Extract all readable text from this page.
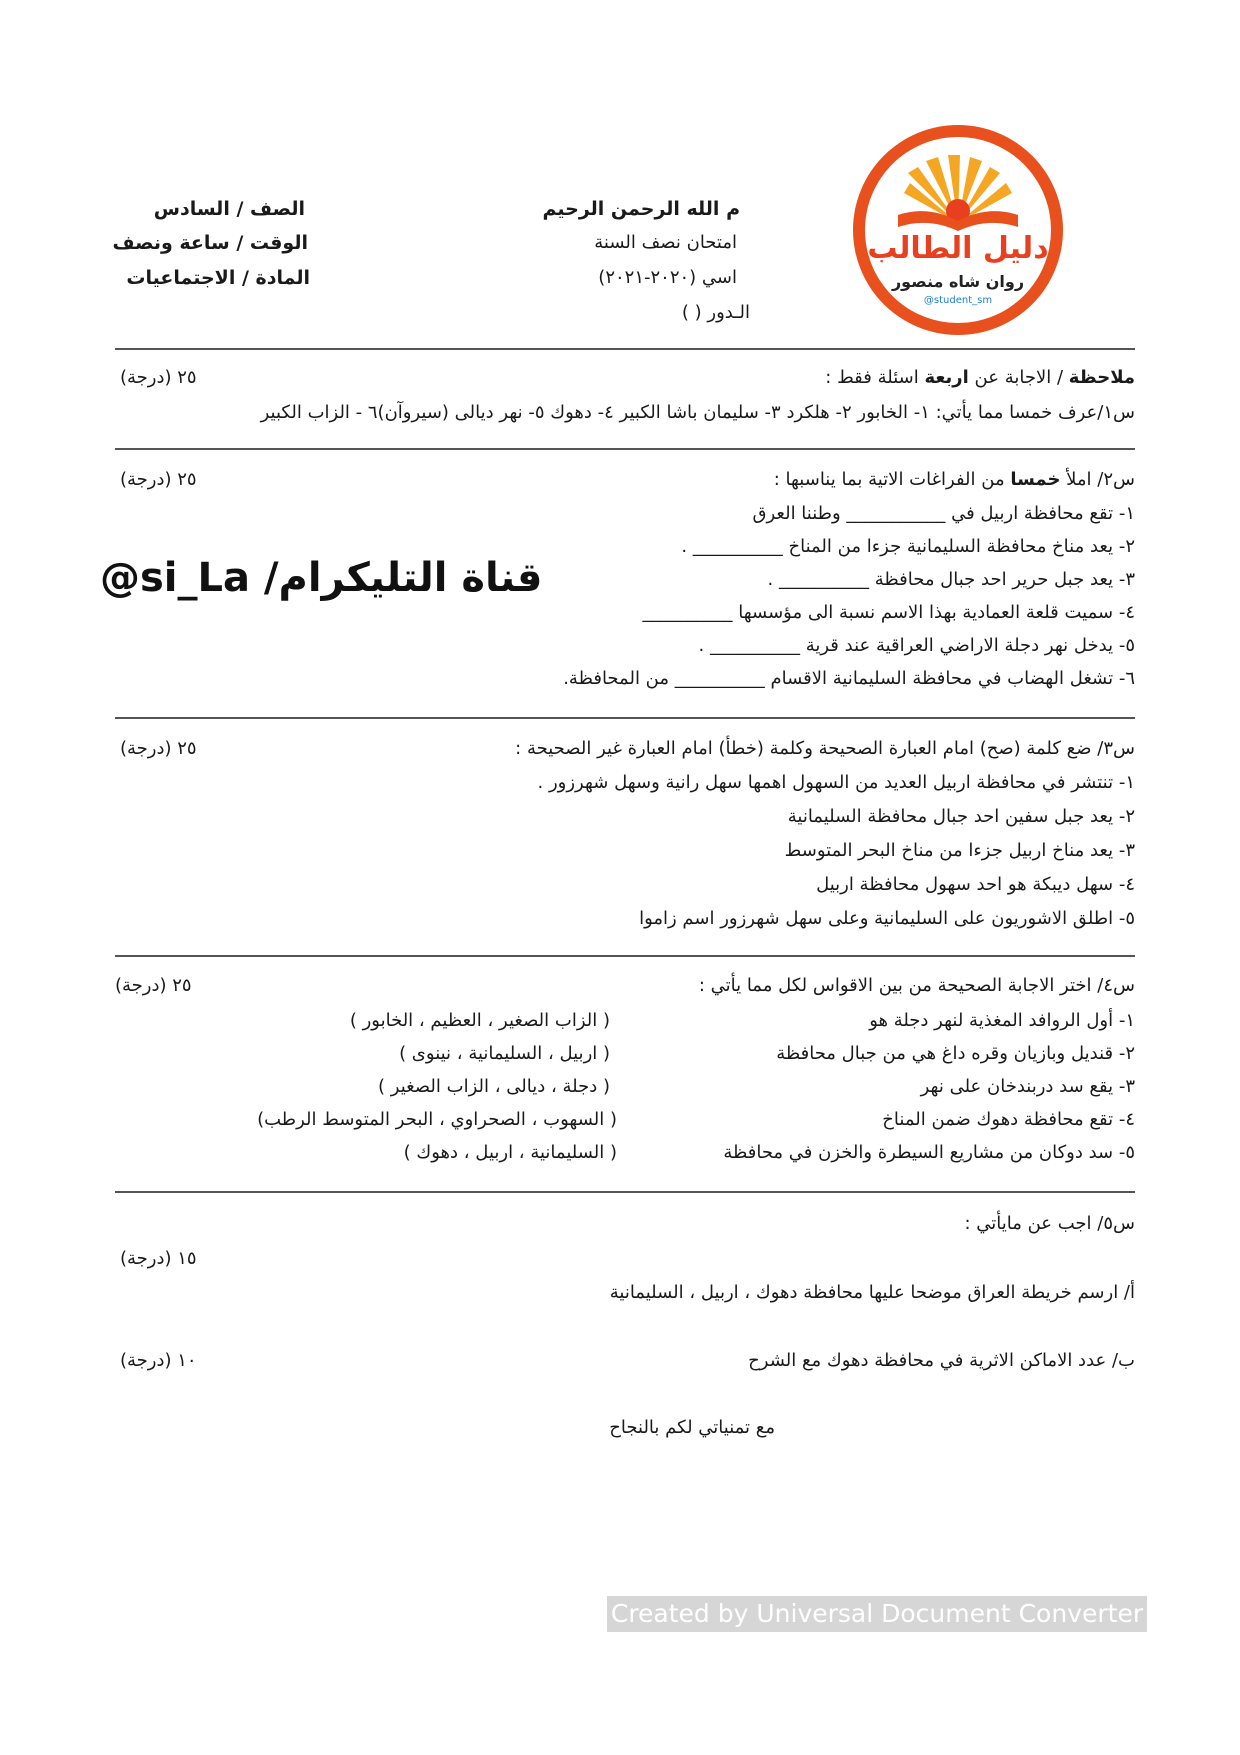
دليل الطالب
روان شاه منصور
@student_sm
م الله الرحمن الرحيم
امتحان نصف السنة
اسي (٢٠٢٠-٢٠٢١)
الـدور ( )
الصف / السادس
الوقت / ساعة ونصف
المادة / الاجتماعيات
ملاحظة / الاجابة عن اربعة اسئلة فقط :
٢٥ (درجة)
س١/عرف خمسا مما يأتي: ١- الخابور ٢- هلكرد ٣- سليمان باشا الكبير ٤- دهوك ٥- نهر ديالى (سيروآن)٦ - الزاب الكبير
س٢/ املأ خمسا من الفراغات الاتية بما يناسبها :
٢٥ (درجة)
١- تقع محافظة اربيل في ___________ وطننا العرق
٢- يعد مناخ محافظة السليمانية جزءا من المناخ __________ .
٣- يعد جبل حرير احد جبال محافظة __________ .
٤- سميت قلعة العمادية بهذا الاسم نسبة الى مؤسسها __________
٥- يدخل نهر دجلة الاراضي العراقية عند قرية __________ .
٦- تشغل الهضاب في محافظة السليمانية الاقسام __________ من المحافظة.
قناة التليكرام/ si_La@
س٣/ ضع كلمة (صح) امام العبارة الصحيحة وكلمة (خطأ) امام العبارة غير الصحيحة :
٢٥ (درجة)
١- تنتشر في محافظة اربيل العديد من السهول اهمها سهل رانية وسهل شهرزور .
٢- يعد جبل سفين احد جبال محافظة السليمانية
٣- يعد مناخ اربيل جزءا من مناخ البحر المتوسط
٤- سهل ديبكة هو احد سهول محافظة اربيل
٥- اطلق الاشوريون على السليمانية وعلى سهل شهرزور اسم زاموا
س٤/ اختر الاجابة الصحيحة من بين الاقواس لكل مما يأتي :
٢٥ (درجة)
١- أول الروافد المغذية لنهر دجلة هو
( الزاب الصغير ، العظيم ، الخابور )
٢- قنديل وبازيان وقره داغ هي من جبال محافظة
( اربيل ، السليمانية ، نينوى )
٣- يقع سد دربندخان على نهر
( دجلة ، ديالى ، الزاب الصغير )
٤- تقع محافظة دهوك ضمن المناخ
( السهوب ، الصحراوي ، البحر المتوسط الرطب)
٥- سد دوكان من مشاريع السيطرة والخزن في محافظة
( السليمانية ، اربيل ، دهوك )
س٥/ اجب عن مايأتي :
١٥ (درجة)
أ/ ارسم خريطة العراق موضحا عليها محافظة دهوك ، اربيل ، السليمانية
١٠ (درجة)	ب/ عدد الاماكن الاثرية في محافظة دهوك مع الشرح
مع تمنياتي لكم بالنجاح
Created by Universal Document Converter
